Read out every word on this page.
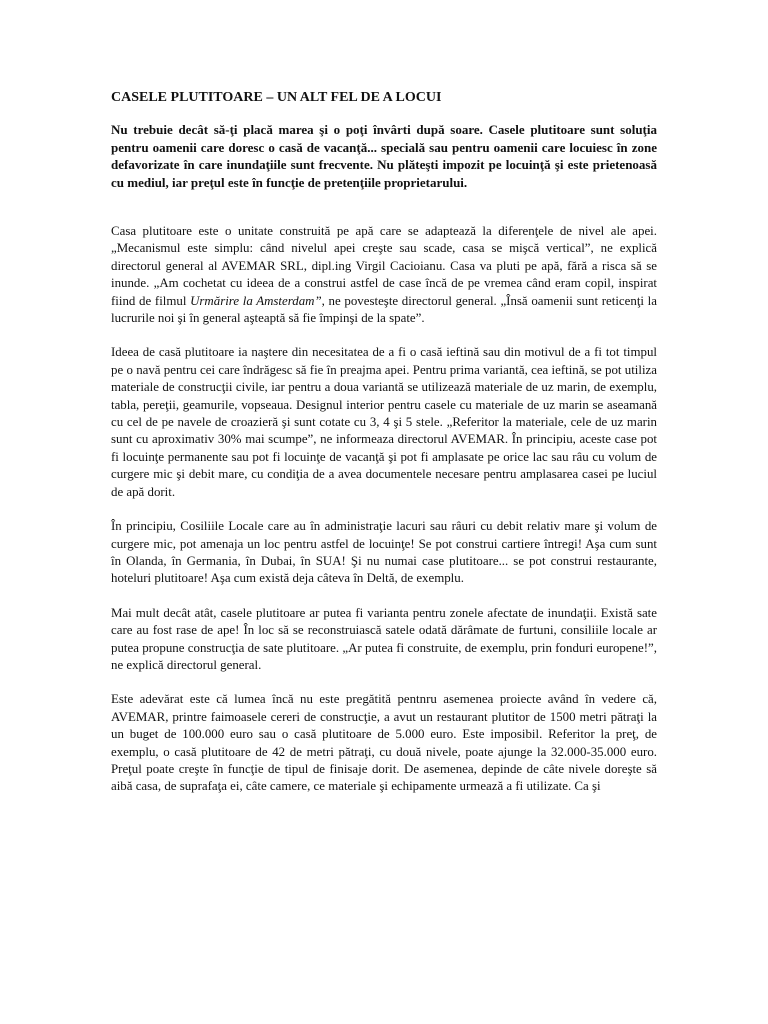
CASELE PLUTITOARE – UN ALT FEL DE A LOCUI
Nu trebuie decât să-ţi placă marea şi o poţi învârti după soare. Casele plutitoare sunt soluţia pentru oamenii care doresc o casă de vacanţă... specială sau pentru oamenii care locuiesc în zone defavorizate în care inundaţiile sunt frecvente. Nu plăteşti impozit pe locuinţă şi este prietenoasă cu mediul, iar preţul este în funcţie de pretenţiile proprietarului.
Casa plutitoare este o unitate construită pe apă care se adaptează la diferenţele de nivel ale apei. „Mecanismul este simplu: când nivelul apei creşte sau scade, casa se mişcă vertical”, ne explică directorul general al AVEMAR SRL, dipl.ing Virgil Cacioianu. Casa va pluti pe apă, fără a risca să se inunde. „Am cochetat cu ideea de a construi astfel de case încă de pe vremea când eram copil, inspirat fiind de filmul Urmărire la Amsterdam”, ne povesteşte directorul general. „Însă oamenii sunt reticenţi la lucrurile noi şi în general aşteaptă să fie împinşi de la spate”.
Ideea de casă plutitoare ia naştere din necesitatea de a fi o casă ieftină sau din motivul de a fi tot timpul pe o navă pentru cei care îndrăgesc să fie în preajma apei. Pentru prima variantă, cea ieftină, se pot utiliza materiale de construcţii civile, iar pentru a doua variantă se utilizează materiale de uz marin, de exemplu, tabla, pereţii, geamurile, vopseaua. Designul interior pentru casele cu materiale de uz marin se aseamană cu cel de pe navele de croazieră şi sunt cotate cu 3, 4 şi 5 stele. „Referitor la materiale, cele de uz marin sunt cu aproximativ 30% mai scumpe”, ne informeaza directorul AVEMAR. În principiu, aceste case pot fi locuinţe permanente sau pot fi locuinţe de vacanţă şi pot fi amplasate pe orice lac sau râu cu volum de curgere mic şi debit mare, cu condiţia de a avea documentele necesare pentru amplasarea casei pe luciul de apă dorit.
În principiu, Cosiliile Locale care au în administraţie lacuri sau râuri cu debit relativ mare şi volum de curgere mic, pot amenaja un loc pentru astfel de locuinţe! Se pot construi cartiere întregi! Aşa cum sunt în Olanda, în Germania, în Dubai, în SUA! Şi nu numai case plutitoare... se pot construi restaurante, hoteluri plutitoare! Aşa cum există deja câteva în Deltă, de exemplu.
Mai mult decât atât, casele plutitoare ar putea fi varianta pentru zonele afectate de inundaţii. Există sate care au fost rase de ape! În loc să se reconstruiască satele odată dărâmate de furtuni, consiliile locale ar putea propune construcţia de sate plutitoare. „Ar putea fi construite, de exemplu, prin fonduri europene!”, ne explică directorul general.
Este adevărat este că lumea încă nu este pregătită pentnru asemenea proiecte având în vedere că, AVEMAR, printre faimoasele cereri de construcţie, a avut un restaurant plutitor de 1500 metri pătraţi la un buget de 100.000 euro sau o casă plutitoare de 5.000 euro. Este imposibil. Referitor la preţ, de exemplu, o casă plutitoare de 42 de metri pătraţi, cu două nivele, poate ajunge la 32.000-35.000 euro. Preţul poate creşte în funcţie de tipul de finisaje dorit. De asemenea, depinde de câte nivele doreşte să aibă casa, de suprafaţa ei, câte camere, ce materiale şi echipamente urmează a fi utilizate. Ca şi
